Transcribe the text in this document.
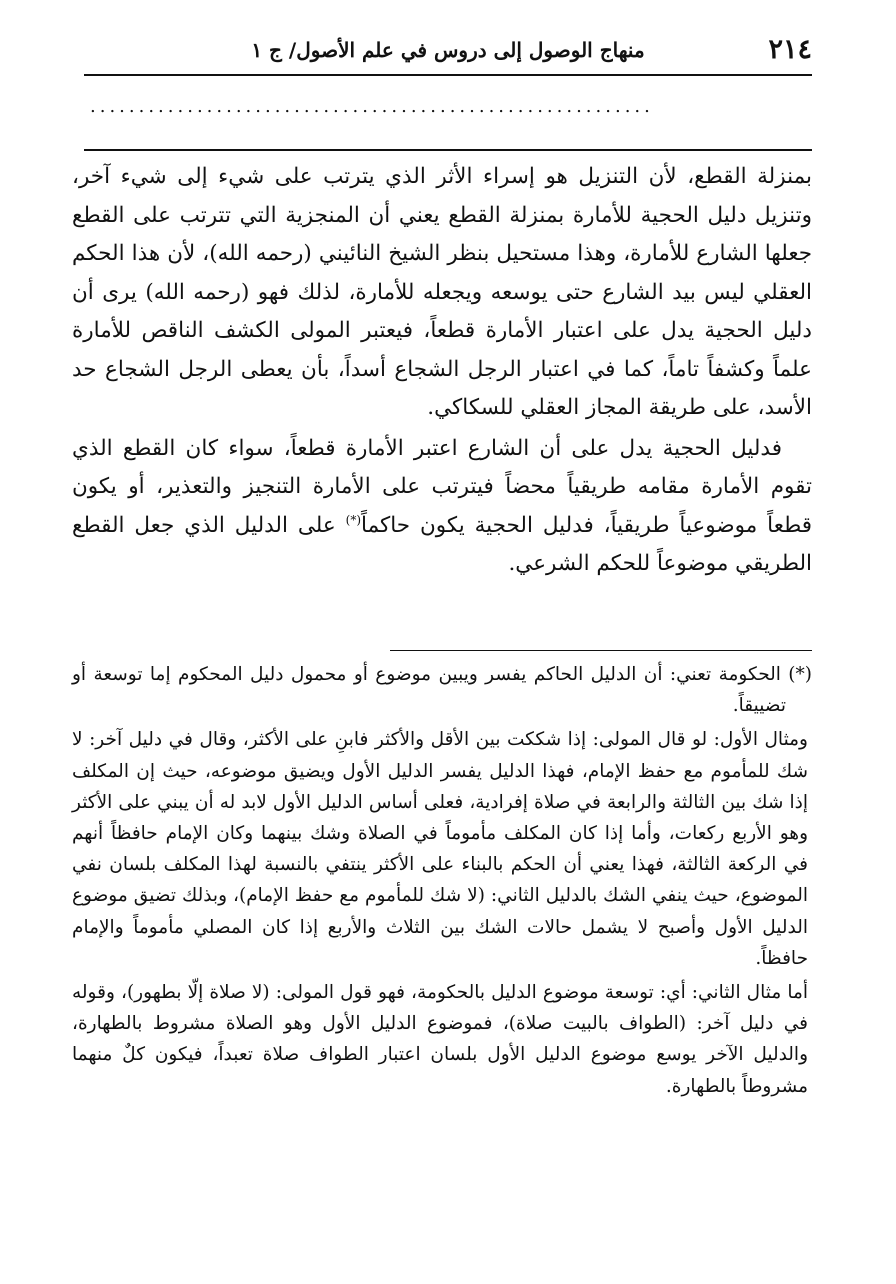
٢١٤
منهاج الوصول إلى دروس في علم الأصول/ ج ١
..........................................................

بمنزلة القطع، لأن التنزيل هو إسراء الأثر الذي يترتب على شيء إلى شيء آخر، وتنزيل دليل الحجية للأمارة بمنزلة القطع يعني أن المنجزية التي تترتب على القطع جعلها الشارع للأمارة، وهذا مستحيل بنظر الشيخ النائيني (رحمه الله)، لأن هذا الحكم العقلي ليس بيد الشارع حتى يوسعه ويجعله للأمارة، لذلك فهو (رحمه الله) يرى أن دليل الحجية يدل على اعتبار الأمارة قطعاً، فيعتبر المولى الكشف الناقص للأمارة علماً وكشفاً تاماً، كما في اعتبار الرجل الشجاع أسداً، بأن يعطى الرجل الشجاع حد الأسد، على طريقة المجاز العقلي للسكاكي.

فدليل الحجية يدل على أن الشارع اعتبر الأمارة قطعاً، سواء كان القطع الذي تقوم الأمارة مقامه طريقياً محضاً فيترتب على الأمارة التنجيز والتعذير، أو يكون قطعاً موضوعياً طريقياً، فدليل الحجية يكون حاكماً(*) على الدليل الذي جعل القطع الطريقي موضوعاً للحكم الشرعي.

(*) الحكومة تعني: أن الدليل الحاكم يفسر ويبين موضوع أو محمول دليل المحكوم إما توسعة أو تضييقاً.

ومثال الأول: لو قال المولى: إذا شككت بين الأقل والأكثر فابنِ على الأكثر، وقال في دليل آخر: لا شك للمأموم مع حفظ الإمام، فهذا الدليل يفسر الدليل الأول ويضيق موضوعه، حيث إن المكلف إذا شك بين الثالثة والرابعة في صلاة إفرادية، فعلى أساس الدليل الأول لابد له أن يبني على الأكثر وهو الأربع ركعات، وأما إذا كان المكلف مأموماً في الصلاة وشك بينهما وكان الإمام حافظاً أنهم في الركعة الثالثة، فهذا يعني أن الحكم بالبناء على الأكثر ينتفي بالنسبة لهذا المكلف بلسان نفي الموضوع، حيث ينفي الشك بالدليل الثاني: (لا شك للمأموم مع حفظ الإمام)، وبذلك تضيق موضوع الدليل الأول وأصبح لا يشمل حالات الشك بين الثلاث والأربع إذا كان المصلي مأموماً والإمام حافظاً.

أما مثال الثاني: أي: توسعة موضوع الدليل بالحكومة، فهو قول المولى: (لا صلاة إلّا بطهور)، وقوله في دليل آخر: (الطواف بالبيت صلاة)، فموضوع الدليل الأول وهو الصلاة مشروط بالطهارة، والدليل الآخر يوسع موضوع الدليل الأول بلسان اعتبار الطواف صلاة تعبداً، فيكون كلٌ منهما مشروطاً بالطهارة.
